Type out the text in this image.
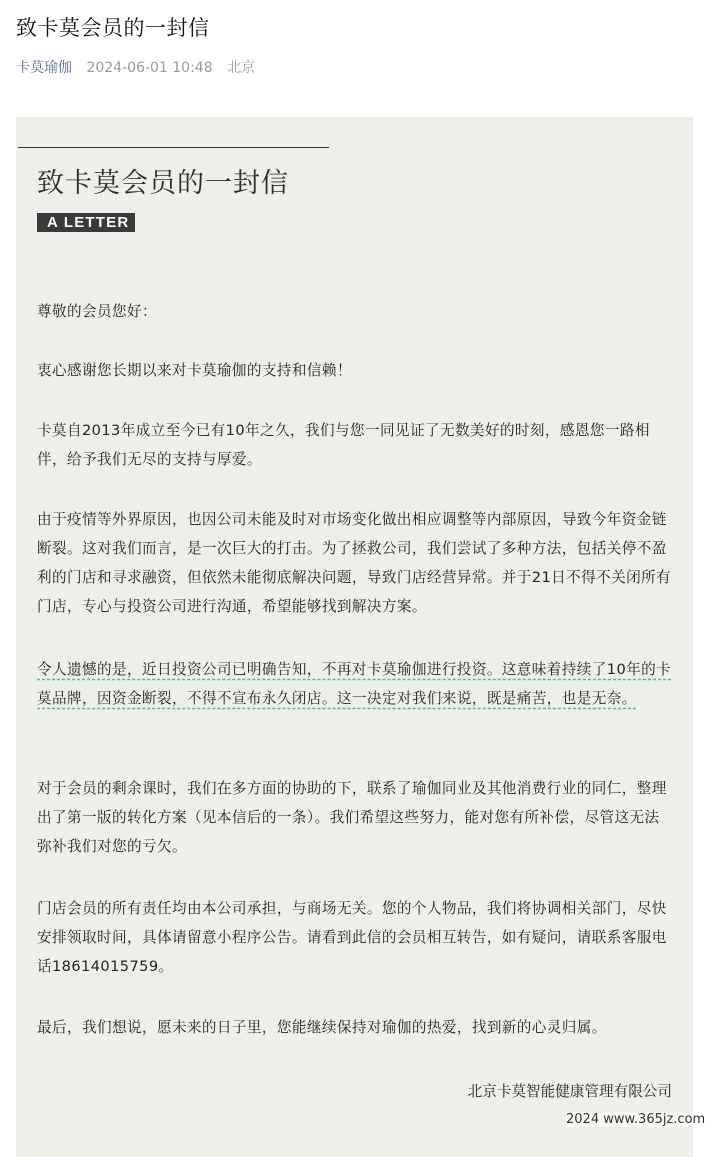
致卡莫会员的一封信
卡莫瑜伽 2024-06-01 10:48 北京
致卡莫会员的一封信
A LETTER
尊敬的会员您好：
衷心感谢您长期以来对卡莫瑜伽的支持和信赖！
卡莫自2013年成立至今已有10年之久，我们与您一同见证了无数美好的时刻，感恩您一路相伴，给予我们无尽的支持与厚爱。
由于疫情等外界原因，也因公司未能及时对市场变化做出相应调整等内部原因，导致今年资金链断裂。这对我们而言，是一次巨大的打击。为了拯救公司，我们尝试了多种方法，包括关停不盈利的门店和寻求融资，但依然未能彻底解决问题，导致门店经营异常。并于21日不得不关闭所有门店，专心与投资公司进行沟通，希望能够找到解决方案。
令人遗憾的是，近日投资公司已明确告知，不再对卡莫瑜伽进行投资。这意味着持续了10年的卡莫品牌，因资金断裂，不得不宣布永久闭店。这一决定对我们来说，既是痛苦，也是无奈。
对于会员的剩余课时，我们在多方面的协助的下，联系了瑜伽同业及其他消费行业的同仁，整理出了第一版的转化方案（见本信后的一条）。我们希望这些努力，能对您有所补偿，尽管这无法弥补我们对您的亏欠。
门店会员的所有责任均由本公司承担，与商场无关。您的个人物品，我们将协调相关部门，尽快安排领取时间，具体请留意小程序公告。请看到此信的会员相互转告，如有疑问，请联系客服电话18614015759。
最后，我们想说，愿未来的日子里，您能继续保持对瑜伽的热爱，找到新的心灵归属。
北京卡莫智能健康管理有限公司
2024 www.365jz.com
